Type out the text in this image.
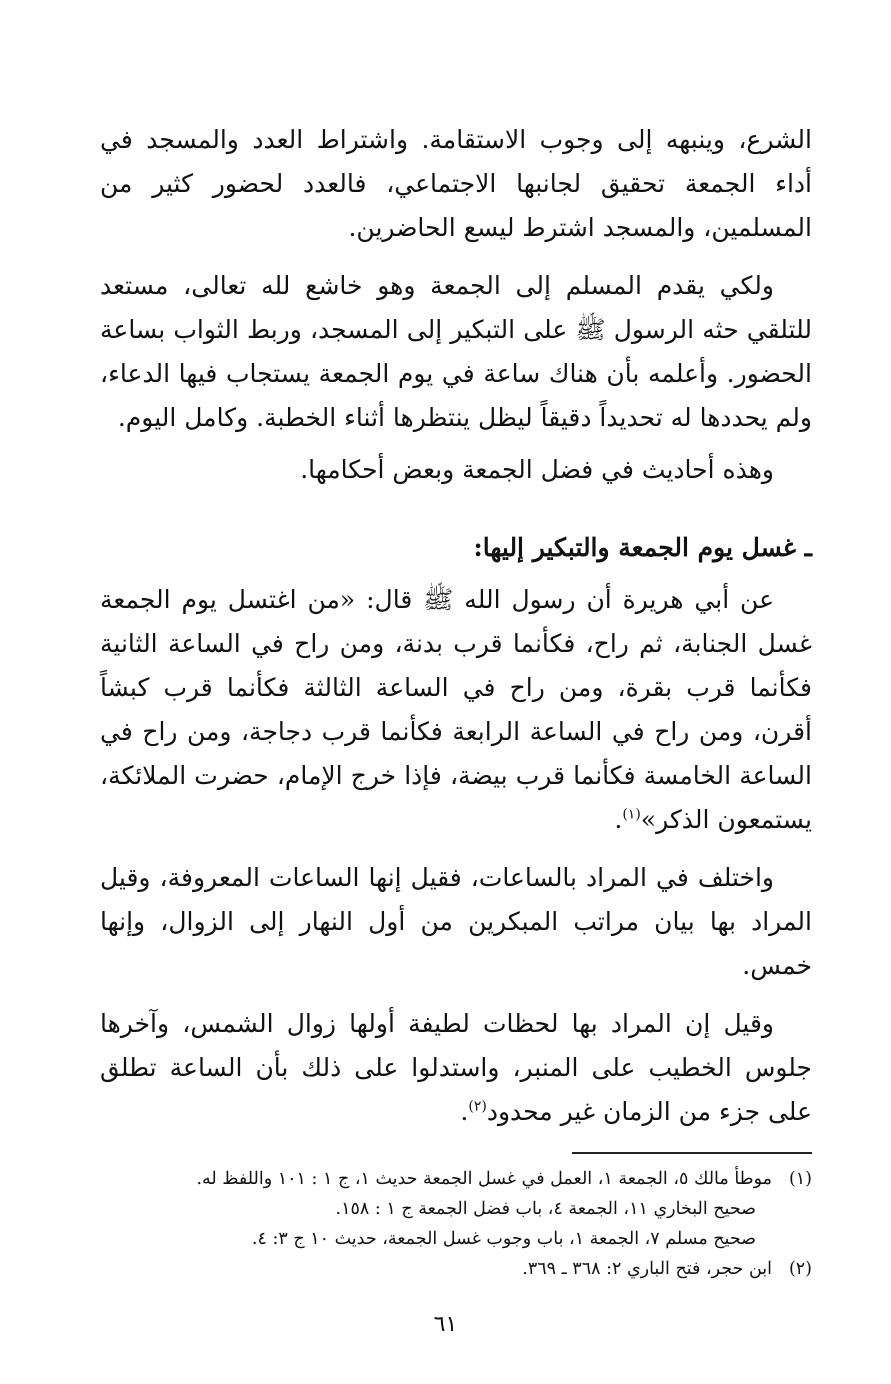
الشرع، وينبهه إلى وجوب الاستقامة. واشتراط العدد والمسجد في أداء الجمعة تحقيق لجانبها الاجتماعي، فالعدد لحضور كثير من المسلمين، والمسجد اشترط ليسع الحاضرين.

ولكي يقدم المسلم إلى الجمعة وهو خاشع لله تعالى، مستعد للتلقي حثه الرسول ﷺ على التبكير إلى المسجد، وربط الثواب بساعة الحضور. وأعلمه بأن هناك ساعة في يوم الجمعة يستجاب فيها الدعاء، ولم يحددها له تحديداً دقيقاً ليظل ينتظرها أثناء الخطبة. وكامل اليوم.

وهذه أحاديث في فضل الجمعة وبعض أحكامها.

ـ غسل يوم الجمعة والتبكير إليها:

عن أبي هريرة أن رسول الله ﷺ قال: «من اغتسل يوم الجمعة غسل الجنابة، ثم راح، فكأنما قرب بدنة، ومن راح في الساعة الثانية فكأنما قرب بقرة، ومن راح في الساعة الثالثة فكأنما قرب كبشاً أقرن، ومن راح في الساعة الرابعة فكأنما قرب دجاجة، ومن راح في الساعة الخامسة فكأنما قرب بيضة، فإذا خرج الإمام، حضرت الملائكة، يستمعون الذكر»$^{(١)}$.

واختلف في المراد بالساعات، فقيل إنها الساعات المعروفة، وقيل المراد بها بيان مراتب المبكرين من أول النهار إلى الزوال، وإنها خمس.

وقيل إن المراد بها لحظات لطيفة أولها زوال الشمس، وآخرها جلوس الخطيب على المنبر، واستدلوا على ذلك بأن الساعة تطلق على جزء من الزمان غير محدود$^{(٢)}$.

(١)موطأ مالك ٥، الجمعة ١، العمل في غسل الجمعة حديث ١، ج ١ : ١٠١ واللفظ له.

صحيح البخاري ١١، الجمعة ٤، باب فضل الجمعة ج ١ : ١٥٨.

صحيح مسلم ٧، الجمعة ١، باب وجوب غسل الجمعة، حديث ١٠ ج ٣: ٤.

(٢)ابن حجر، فتح الباري ٢: ٣٦٨ ـ ٣٦٩.

٦١
